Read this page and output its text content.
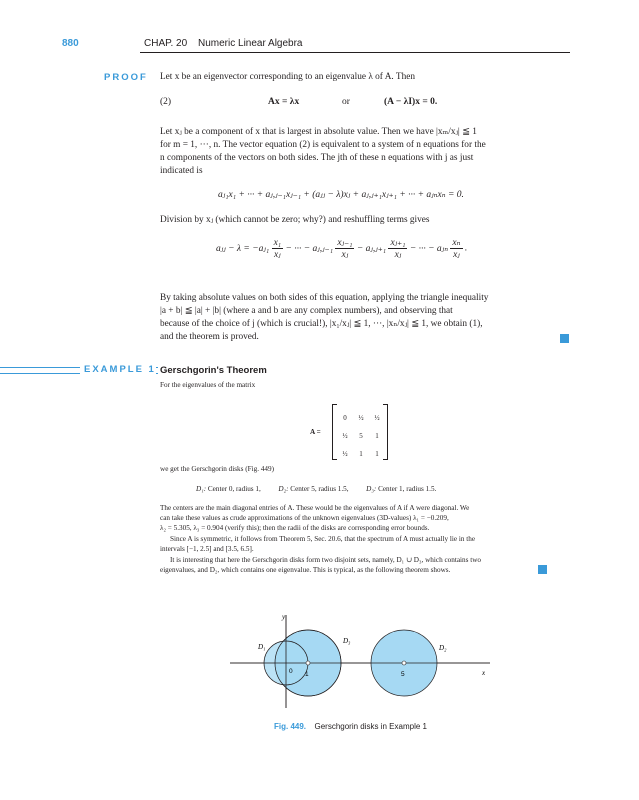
880	CHAP. 20 Numeric Linear Algebra
PROOF Let x be an eigenvector corresponding to an eigenvalue λ of A. Then
(2)	Ax = λx	or	(A − λI)x = 0.
Let xⱼ be a component of x that is largest in absolute value. Then we have |xₘ/xⱼ| ≦ 1
for m = 1, ···, n. The vector equation (2) is equivalent to a system of n equations for the
n components of the vectors on both sides. The jth of these n equations with j as just
indicated is
aⱼ₁x₁ + ··· + aⱼ,ⱼ₋₁xⱼ₋₁ + (aⱼⱼ − λ)xⱼ + aⱼ,ⱼ₊₁xⱼ₊₁ + ··· + aⱼₙxₙ = 0.
Division by xⱼ (which cannot be zero; why?) and reshuffling terms gives
aⱼⱼ − λ = −aⱼ₁ $\frac{\text{x₁}}{\text{xⱼ}}$ − ··· − aⱼ,ⱼ₋₁ $\frac{\text{xⱼ₋₁}}{\text{xⱼ}}$ − aⱼ,ⱼ₊₁ $\frac{\text{xⱼ₊₁}}{\text{xⱼ}}$ − ··· − aⱼₙ $\frac{\text{xₙ}}{\text{xⱼ}}$ .
By taking absolute values on both sides of this equation, applying the triangle inequality
|a + b| ≦ |a| + |b| (where a and b are any complex numbers), and observing that
because of the choice of j (which is crucial!), |x₁/xⱼ| ≦ 1, ···, |xₙ/xⱼ| ≦ 1, we obtain (1),
and the theorem is proved.
EXAMPLE 1 Gerschgorin's Theorem
For the eigenvalues of the matrix
A =
0 ½ ½
½ 5 1
½ 1 1
we get the Gerschgorin disks (Fig. 449)
D₁: Center 0, radius 1, D₂: Center 5, radius 1.5, D₃: Center 1, radius 1.5.
The centers are the main diagonal entries of A. These would be the eigenvalues of A if A were diagonal. We
can take these values as crude approximations of the unknown eigenvalues (3D-values) λ₁ = −0.209,
λ₂ = 5.305, λ₃ = 0.904 (verify this); then the radii of the disks are corresponding error bounds.
Since A is symmetric, it follows from Theorem 5, Sec. 20.6, that the spectrum of A must actually lie in the
intervals [−1, 2.5] and [3.5, 6.5].
It is interesting that here the Gerschgorin disks form two disjoint sets, namely, D₁ ∪ D₃, which contains two
eigenvalues, and D₂, which contains one eigenvalue. This is typical, as the following theorem shows.
y
x
D₁
D₃
D₂
0 1	5
Fig. 449. Gerschgorin disks in Example 1
